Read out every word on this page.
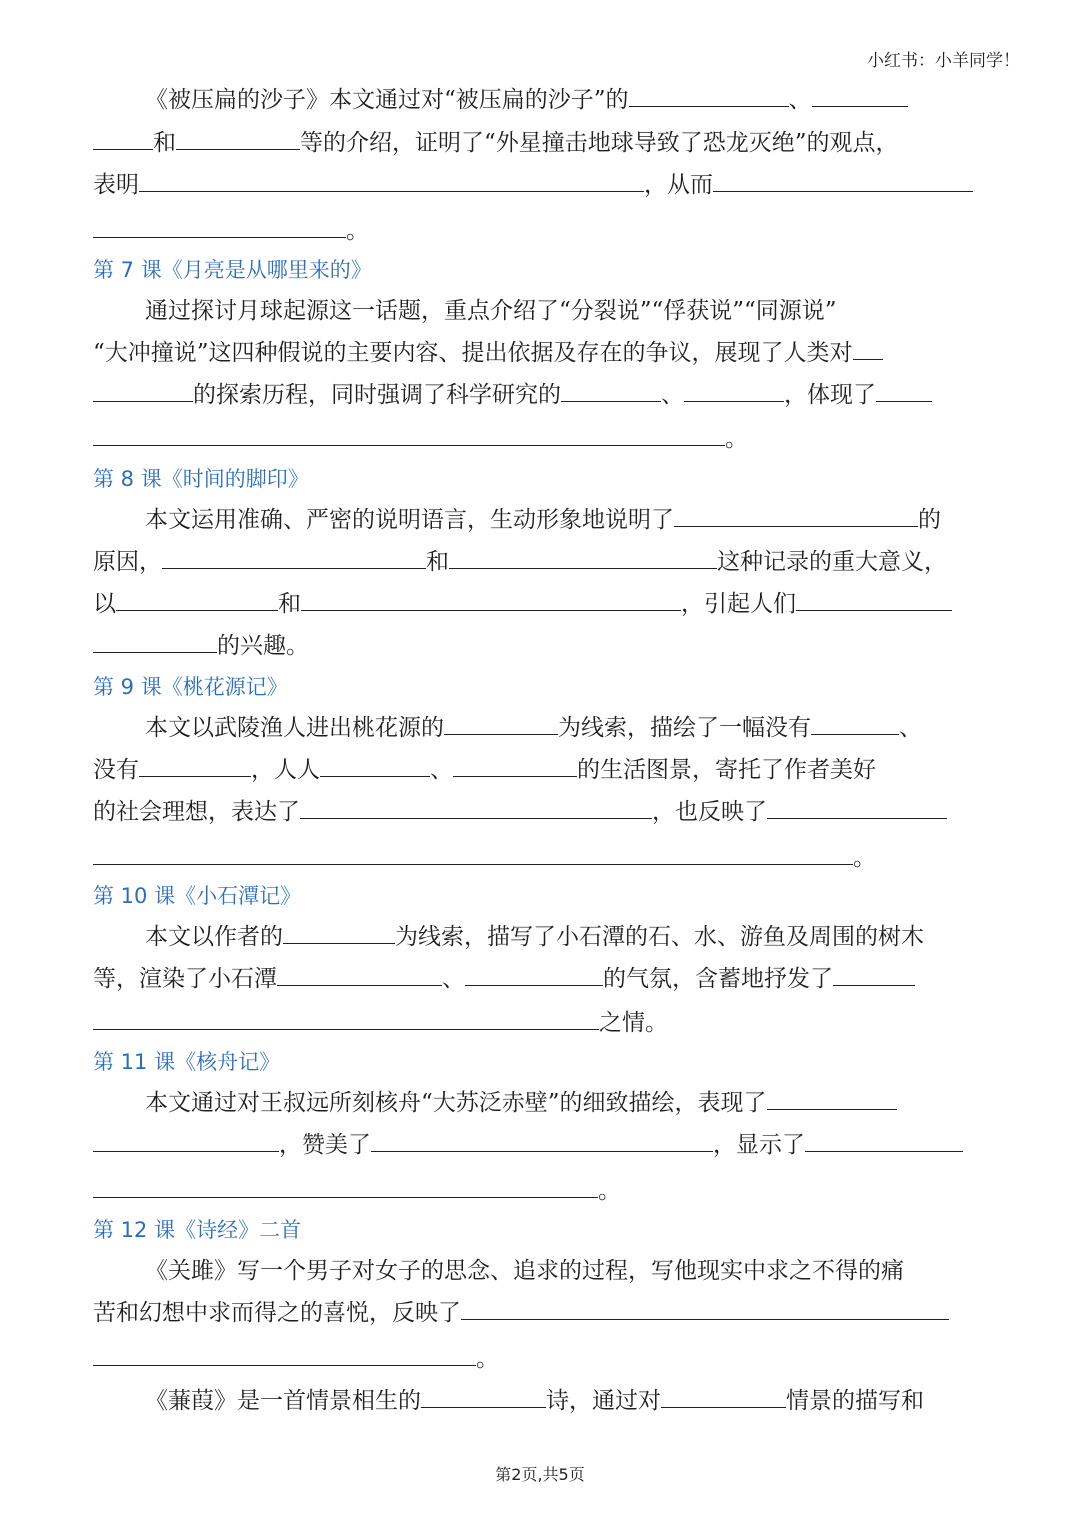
小红书：小羊同学！
《被压扁的沙子》本文通过对“被压扁的沙子”的	、
和	等的介绍，证明了“外星撞击地球导致了恐龙灭绝”的观点，
表明	，从而
。
第 7 课《月亮是从哪里来的》
通过探讨月球起源这一话题，重点介绍了“分裂说”“俘获说”“同源说”
“大冲撞说”这四种假说的主要内容、提出依据及存在的争议，展现了人类对
的探索历程，同时强调了科学研究的	、	，体现了
。
第 8 课《时间的脚印》
本文运用准确、严密的说明语言，生动形象地说明了	的
原因，	和	这种记录的重大意义，
以	和	，引起人们
的兴趣。
第 9 课《桃花源记》
本文以武陵渔人进出桃花源的	为线索，描绘了一幅没有	、
没有	，人人	、	的生活图景，寄托了作者美好
的社会理想，表达了	，也反映了
。
第 10 课《小石潭记》
本文以作者的	为线索，描写了小石潭的石、水、游鱼及周围的树木
等，渲染了小石潭	、	的气氛，含蓄地抒发了
之情。
第 11 课《核舟记》
本文通过对王叔远所刻核舟“大苏泛赤壁”的细致描绘，表现了
，赞美了	，显示了
。
第 12 课《诗经》二首
《关雎》写一个男子对女子的思念、追求的过程，写他现实中求之不得的痛
苦和幻想中求而得之的喜悦，反映了
。
《蒹葭》是一首情景相生的	诗，通过对	情景的描写和
第2页,共5页
